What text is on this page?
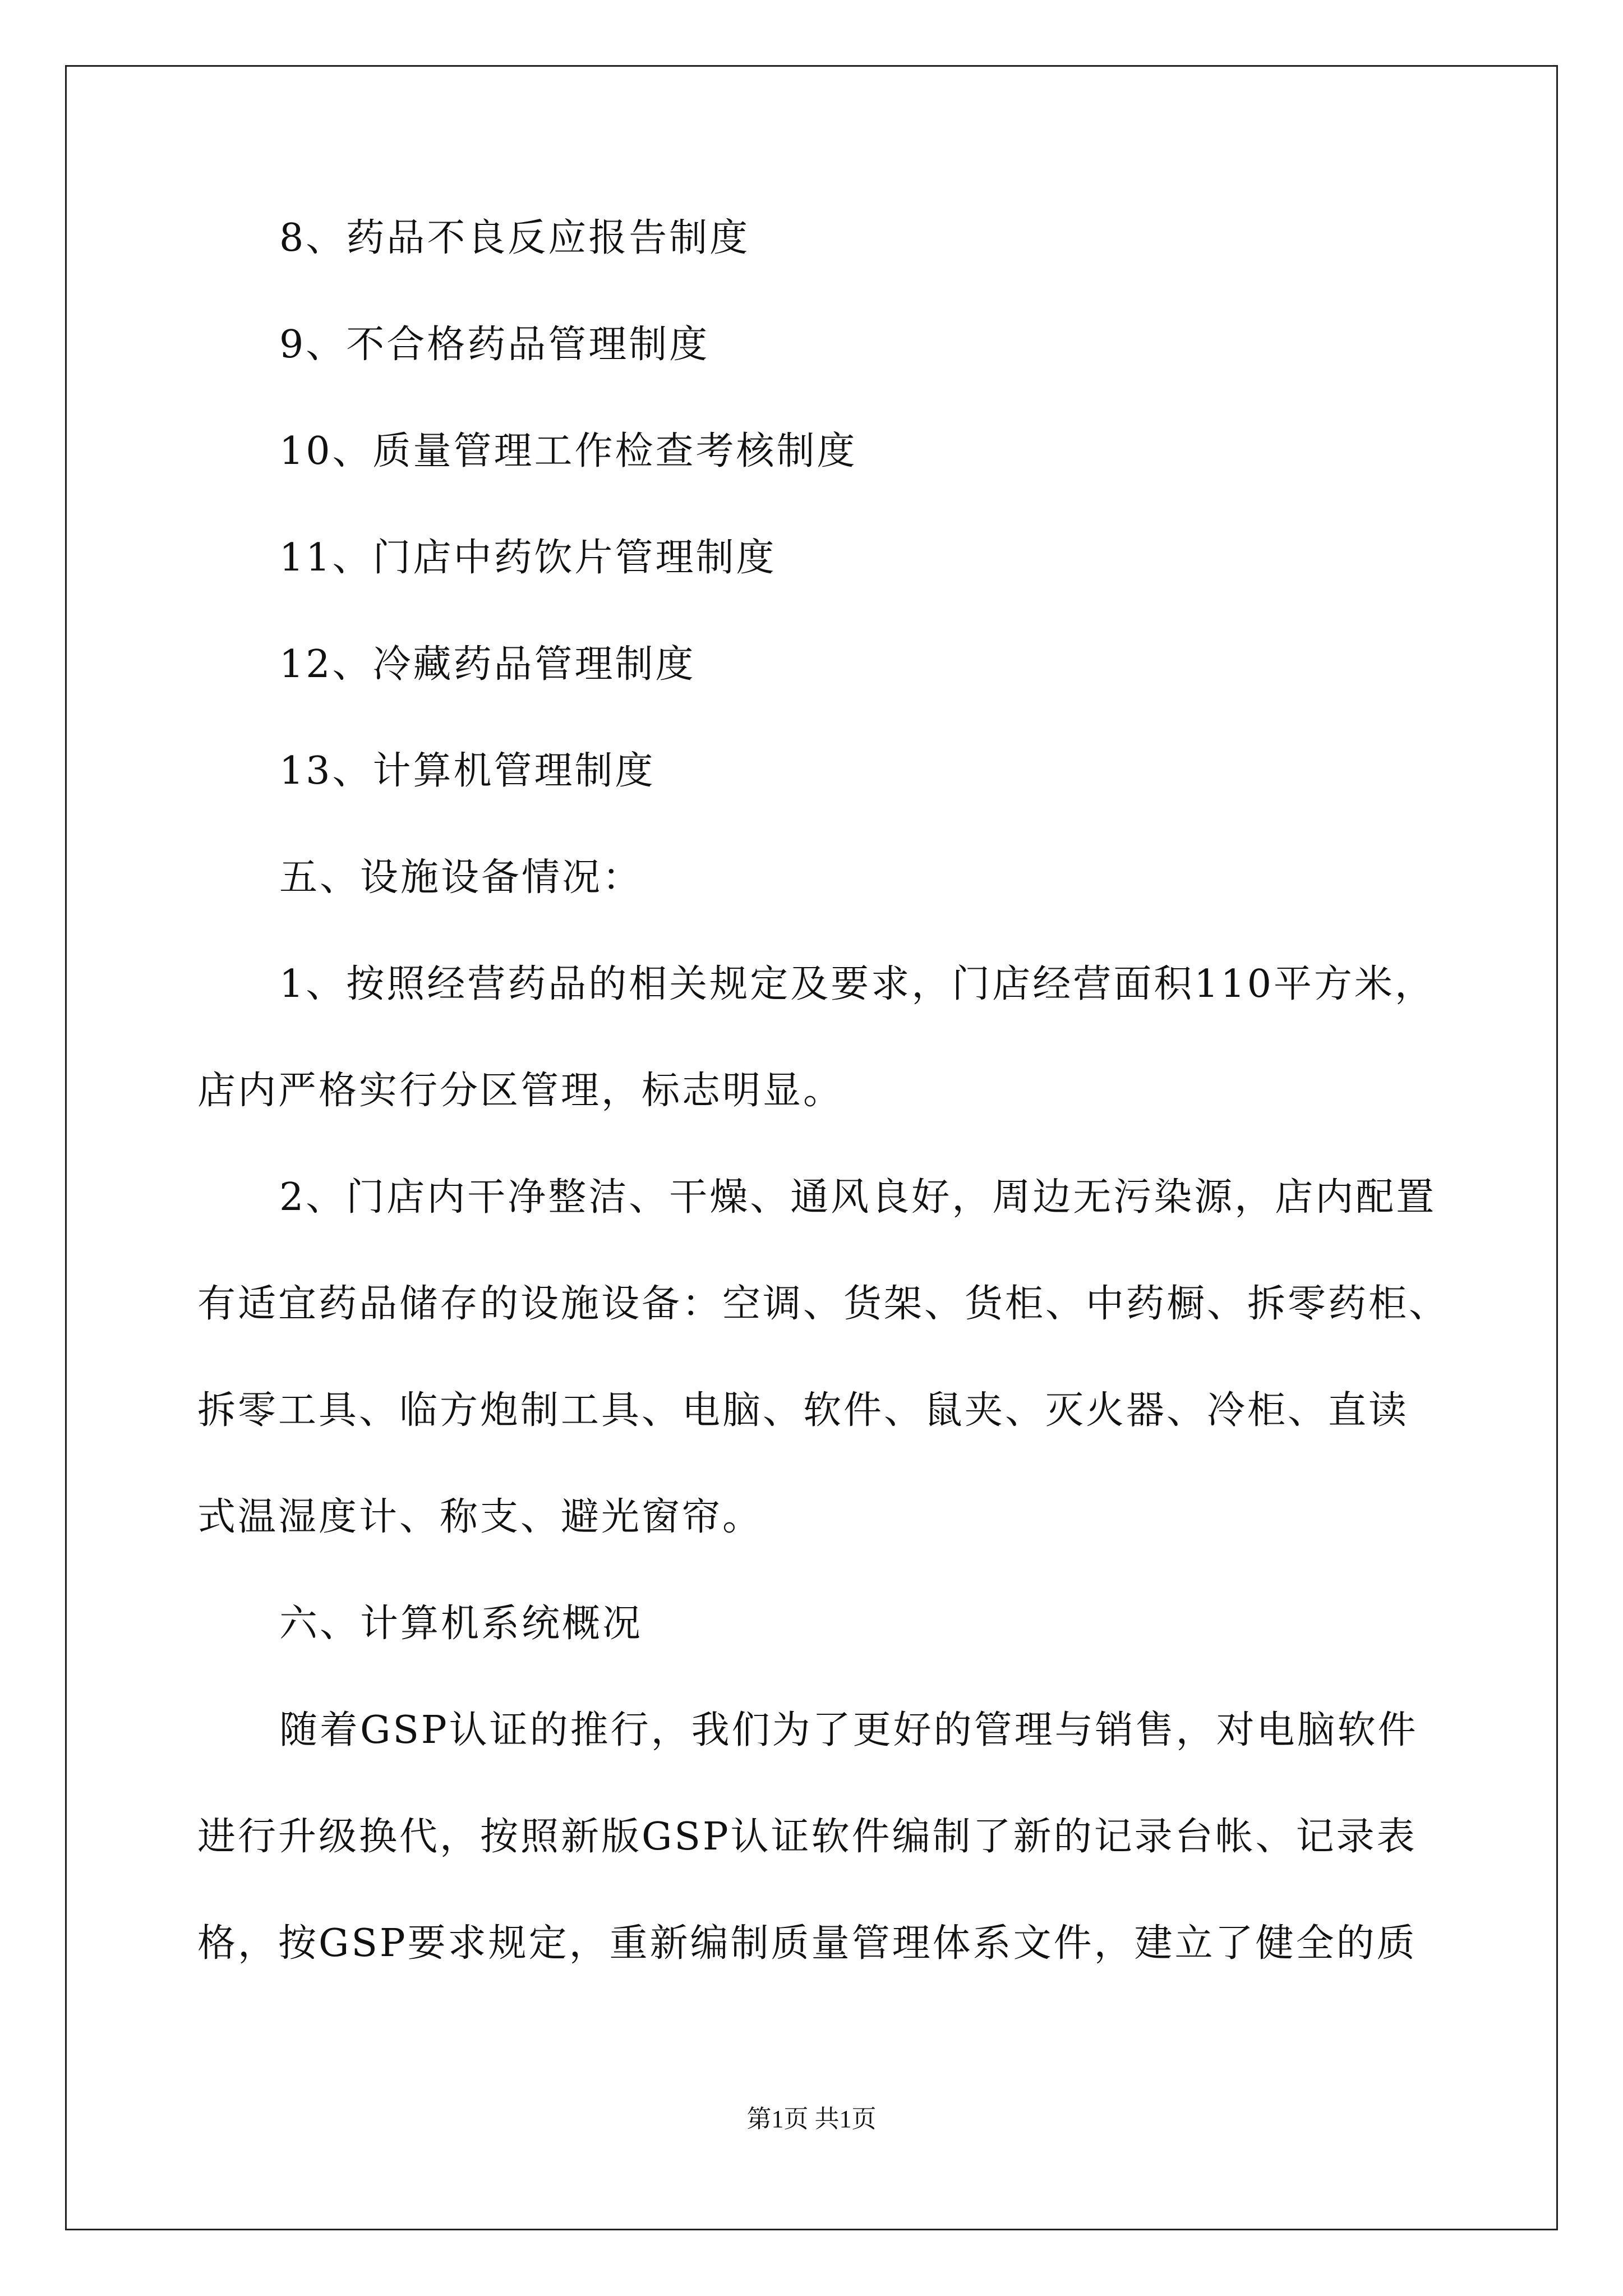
8、药品不良反应报告制度
9、不合格药品管理制度
10、质量管理工作检查考核制度
11、门店中药饮片管理制度
12、冷藏药品管理制度
13、计算机管理制度
五、设施设备情况：
1、按照经营药品的相关规定及要求，门店经营面积110平方米，
店内严格实行分区管理，标志明显。
2、门店内干净整洁、干燥、通风良好，周边无污染源，店内配置
有适宜药品储存的设施设备：空调、货架、货柜、中药橱、拆零药柜、
拆零工具、临方炮制工具、电脑、软件、鼠夹、灭火器、冷柜、直读
式温湿度计、称支、避光窗帘。
六、计算机系统概况
随着GSP认证的推行，我们为了更好的管理与销售，对电脑软件
进行升级换代，按照新版GSP认证软件编制了新的记录台帐、记录表
格，按GSP要求规定，重新编制质量管理体系文件，建立了健全的质
第1页 共1页
